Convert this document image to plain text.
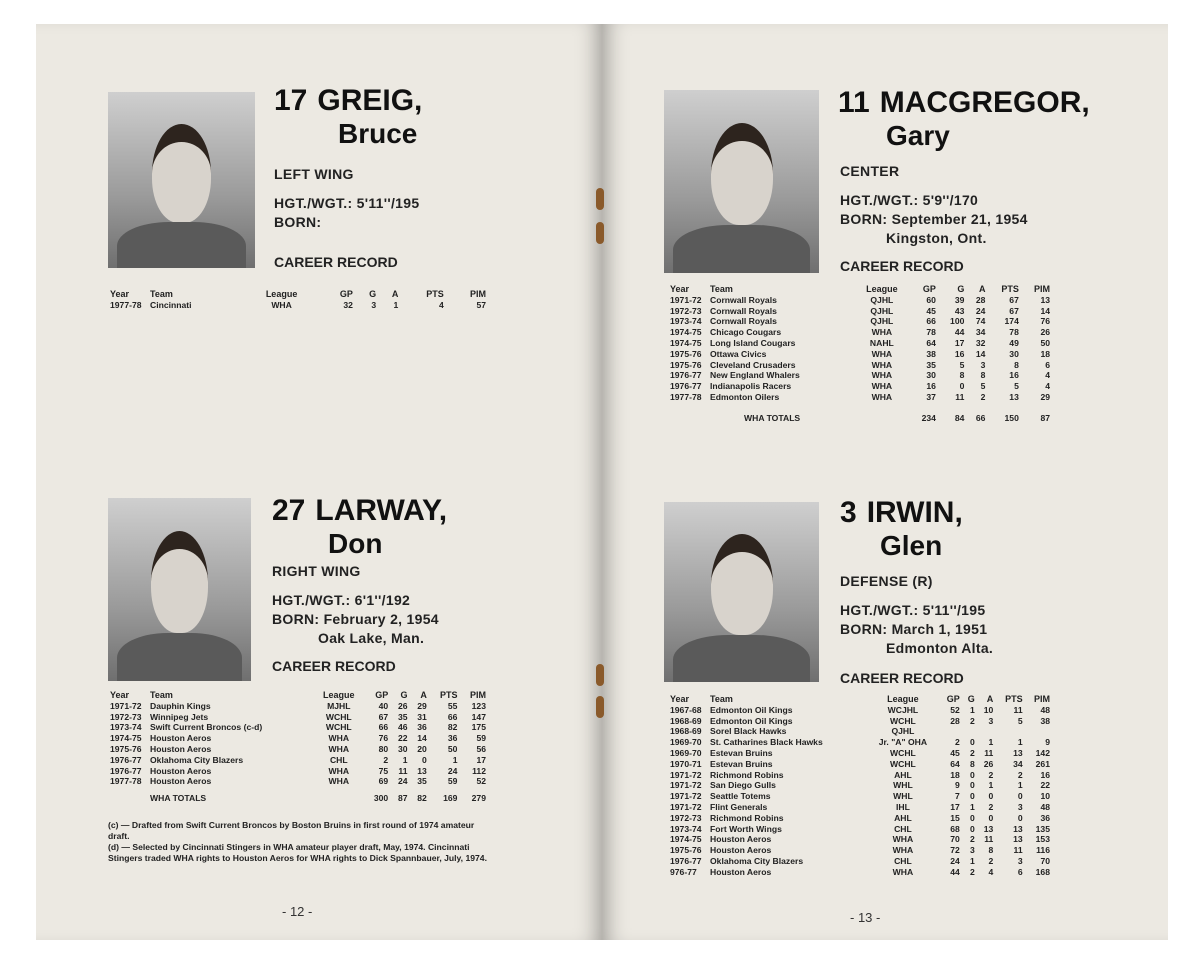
17 GREIG,
Bruce
LEFT WING
HGT./WGT.: 5'11''/195
BORN:
CAREER RECORD
Year	Team	League	GP	G	A	PTS	PIM
1977-78	Cincinnati	WHA	32	3	1	4	57
27 LARWAY,
Don
RIGHT WING
HGT./WGT.: 6'1''/192
BORN: February 2, 1954
Oak Lake, Man.
CAREER RECORD
Year	Team	League	GP	G	A	PTS	PIM
1971-72	Dauphin Kings	MJHL	40	26	29	55	123
1972-73	Winnipeg Jets	WCHL	67	35	31	66	147
1973-74	Swift Current Broncos (c-d)	WCHL	66	46	36	82	175
1974-75	Houston Aeros	WHA	76	22	14	36	59
1975-76	Houston Aeros	WHA	80	30	20	50	56
1976-77	Oklahoma City Blazers	CHL	2	1	0	1	17
1976-77	Houston Aeros	WHA	75	11	13	24	112
1977-78	Houston Aeros	WHA	69	24	35	59	52
	WHA TOTALS		300	87	82	169	279
(c) — Drafted from Swift Current Broncos by Boston Bruins in first round of 1974 amateur draft.
(d) — Selected by Cincinnati Stingers in WHA amateur player draft, May, 1974. Cincinnati Stingers traded WHA rights to Houston Aeros for WHA rights to Dick Spannbauer, July, 1974.
- 12 -
11 MACGREGOR,
Gary
CENTER
HGT./WGT.: 5'9''/170
BORN: September 21, 1954
Kingston, Ont.
CAREER RECORD
Year	Team	League	GP	G	A	PTS	PIM
1971-72	Cornwall Royals	QJHL	60	39	28	67	13
1972-73	Cornwall Royals	QJHL	45	43	24	67	14
1973-74	Cornwall Royals	QJHL	66	100	74	174	76
1974-75	Chicago Cougars	WHA	78	44	34	78	26
1974-75	Long Island Cougars	NAHL	64	17	32	49	50
1975-76	Ottawa Civics	WHA	38	16	14	30	18
1975-76	Cleveland Crusaders	WHA	35	5	3	8	6
1976-77	New England Whalers	WHA	30	8	8	16	4
1976-77	Indianapolis Racers	WHA	16	0	5	5	4
1977-78	Edmonton Oilers	WHA	37	11	2	13	29
	WHA TOTALS		234	84	66	150	87
3 IRWIN,
Glen
DEFENSE (R)
HGT./WGT.: 5'11''/195
BORN: March 1, 1951
Edmonton Alta.
CAREER RECORD
Year	Team	League	GP	G	A	PTS	PIM
1967-68	Edmonton Oil Kings	WCJHL	52	1	10	11	48
1968-69	Edmonton Oil Kings	WCHL	28	2	3	5	38
1968-69	Sorel Black Hawks	QJHL					
1969-70	St. Catharines Black Hawks	Jr. "A" OHA	2	0	1	1	9
1969-70	Estevan Bruins	WCHL	45	2	11	13	142
1970-71	Estevan Bruins	WCHL	64	8	26	34	261
1971-72	Richmond Robins	AHL	18	0	2	2	16
1971-72	San Diego Gulls	WHL	9	0	1	1	22
1971-72	Seattle Totems	WHL	7	0	0	0	10
1971-72	Flint Generals	IHL	17	1	2	3	48
1972-73	Richmond Robins	AHL	15	0	0	0	36
1973-74	Fort Worth Wings	CHL	68	0	13	13	135
1974-75	Houston Aeros	WHA	70	2	11	13	153
1975-76	Houston Aeros	WHA	72	3	8	11	116
1976-77	Oklahoma City Blazers	CHL	24	1	2	3	70
976-77	Houston Aeros	WHA	44	2	4	6	168
- 13 -
